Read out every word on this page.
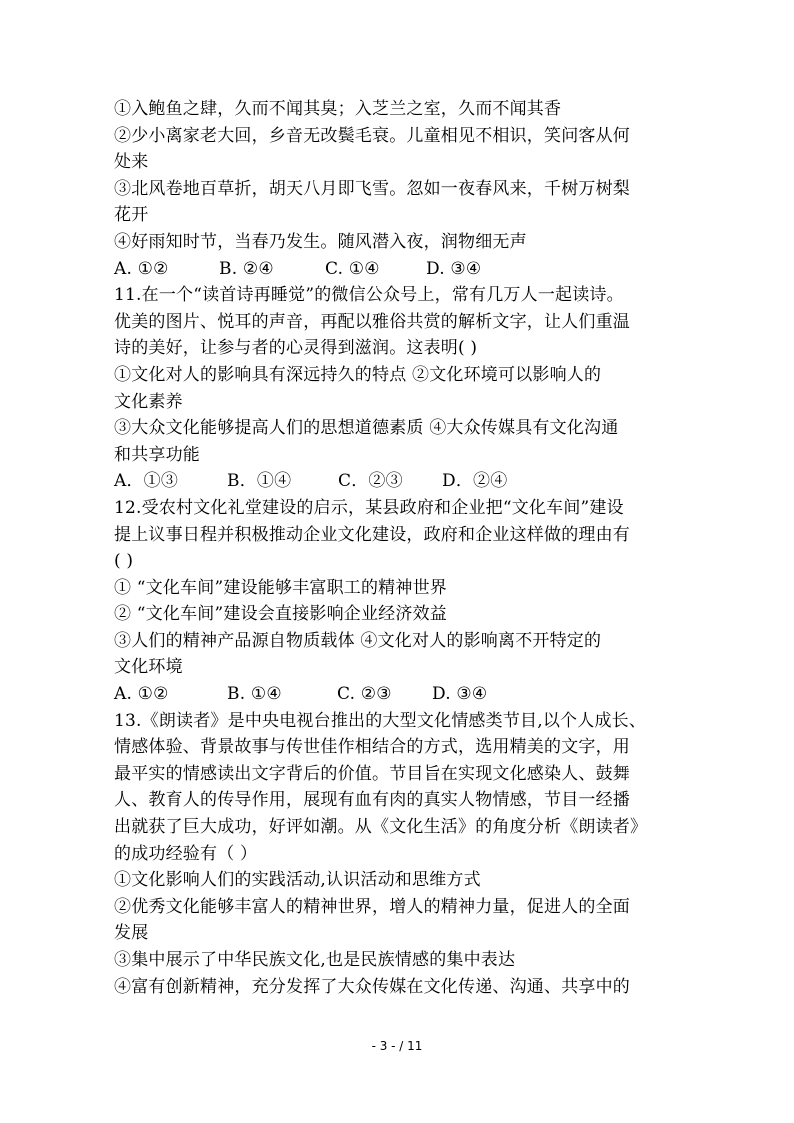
①入鲍鱼之肆，久而不闻其臭；入芝兰之室，久而不闻其香
②少小离家老大回，乡音无改鬓毛衰。儿童相见不相识，笑问客从何
处来
③北风卷地百草折，胡天八月即飞雪。忽如一夜春风来，千树万树梨
花开
④好雨知时节，当春乃发生。随风潜入夜，润物细无声
A. ①②	B. ②④	C. ①④	D. ③④
11.在一个“读首诗再睡觉”的微信公众号上，常有几万人一起读诗。
优美的图片、悦耳的声音，再配以雅俗共赏的解析文字，让人们重温
诗的美好，让参与者的心灵得到滋润。这表明( )
①文化对人的影响具有深远持久的特点 ②文化环境可以影响人的
文化素养
③大众文化能够提高人们的思想道德素质 ④大众传媒具有文化沟通
和共享功能
A．①③	B．①④	C．②③	D．②④
12.受农村文化礼堂建设的启示，某县政府和企业把“文化车间”建设
提上议事日程并积极推动企业文化建设，政府和企业这样做的理由有
( )
① “文化车间”建设能够丰富职工的精神世界
② “文化车间”建设会直接影响企业经济效益
③人们的精神产品源自物质载体 ④文化对人的影响离不开特定的
文化环境
A. ①②	B. ①④	C. ②③	D. ③④
13.《朗读者》是中央电视台推出的大型文化情感类节目,以个人成长、
情感体验、背景故事与传世佳作相结合的方式，选用精美的文字，用
最平实的情感读出文字背后的价值。节目旨在实现文化感染人、鼓舞
人、教育人的传导作用，展现有血有肉的真实人物情感，节目一经播
出就获了巨大成功，好评如潮。从《文化生活》的角度分析《朗读者》
的成功经验有（ ）
①文化影响人们的实践活动,认识活动和思维方式
②优秀文化能够丰富人的精神世界，增人的精神力量，促进人的全面
发展
③集中展示了中华民族文化,也是民族情感的集中表达
④富有创新精神，充分发挥了大众传媒在文化传递、沟通、共享中的
- 3 - / 11
